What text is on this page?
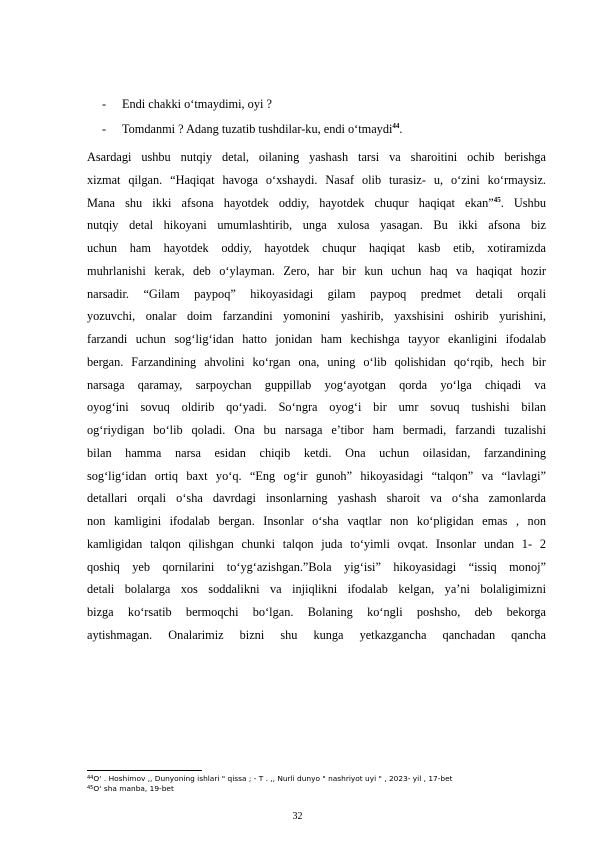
- Endi chakki o‘tmaydimi, oyi ?
- Tomdanmi ? Adang tuzatib tushdilar-ku, endi o‘tmaydi$^{44}$.
Asardagi ushbu nutqiy detal, oilaning yashash tarsi va sharoitini ochib berishga
xizmat qilgan. “Haqiqat havoga o‘xshaydi. Nasaf olib turasiz- u, o‘zini ko‘rmaysiz.
Mana shu ikki afsona hayotdek oddiy, hayotdek chuqur haqiqat ekan”$^{45}$. Ushbu
nutqiy detal hikoyani umumlashtirib, unga xulosa yasagan. Bu ikki afsona biz
uchun ham hayotdek oddiy, hayotdek chuqur haqiqat kasb etib, xotiramizda
muhrlanishi kerak, deb o‘ylayman. Zero, har bir kun uchun haq va haqiqat hozir
narsadir. “Gilam paypoq” hikoyasidagi gilam paypoq predmet detali orqali
yozuvchi, onalar doim farzandini yomonini yashirib, yaxshisini oshirib yurishini,
farzandi uchun sog‘lig‘idan hatto jonidan ham kechishga tayyor ekanligini ifodalab
bergan. Farzandining ahvolini ko‘rgan ona, uning o‘lib qolishidan qo‘rqib, hech bir
narsaga qaramay, sarpoychan guppillab yog‘ayotgan qorda yo‘lga chiqadi va
oyog‘ini sovuq oldirib qo‘yadi. So‘ngra oyog‘i bir umr sovuq tushishi bilan
og‘riydigan bo‘lib qoladi. Ona bu narsaga e’tibor ham bermadi, farzandi tuzalishi
bilan hamma narsa esidan chiqib ketdi. Ona uchun oilasidan, farzandining
sog‘lig‘idan ortiq baxt yo‘q. “Eng og‘ir gunoh” hikoyasidagi “talqon” va “lavlagi”
detallari orqali o‘sha davrdagi insonlarning yashash sharoit va o‘sha zamonlarda
non kamligini ifodalab bergan. Insonlar o‘sha vaqtlar non ko‘pligidan emas , non
kamligidan talqon qilishgan chunki talqon juda to‘yimli ovqat. Insonlar undan 1- 2
qoshiq yeb qornilarini to‘yg‘azishgan.”Bola yig‘isi” hikoyasidagi “issiq monoj”
detali bolalarga xos soddalikni va injiqlikni ifodalab kelgan, ya’ni bolaligimizni
bizga ko‘rsatib bermoqchi bo‘lgan. Bolaning ko‘ngli poshsho, deb bekorga
aytishmagan. Onalarimiz bizni shu kunga yetkazgancha qanchadan qancha
$^{44}$O‘ . Hoshimov ,, Dunyoning ishlari " qissa ; - T . ,, Nurli dunyo " nashriyot uyi " , 2023- yil , 17-bet
$^{45}$O‘ sha manba, 19-bet
32
